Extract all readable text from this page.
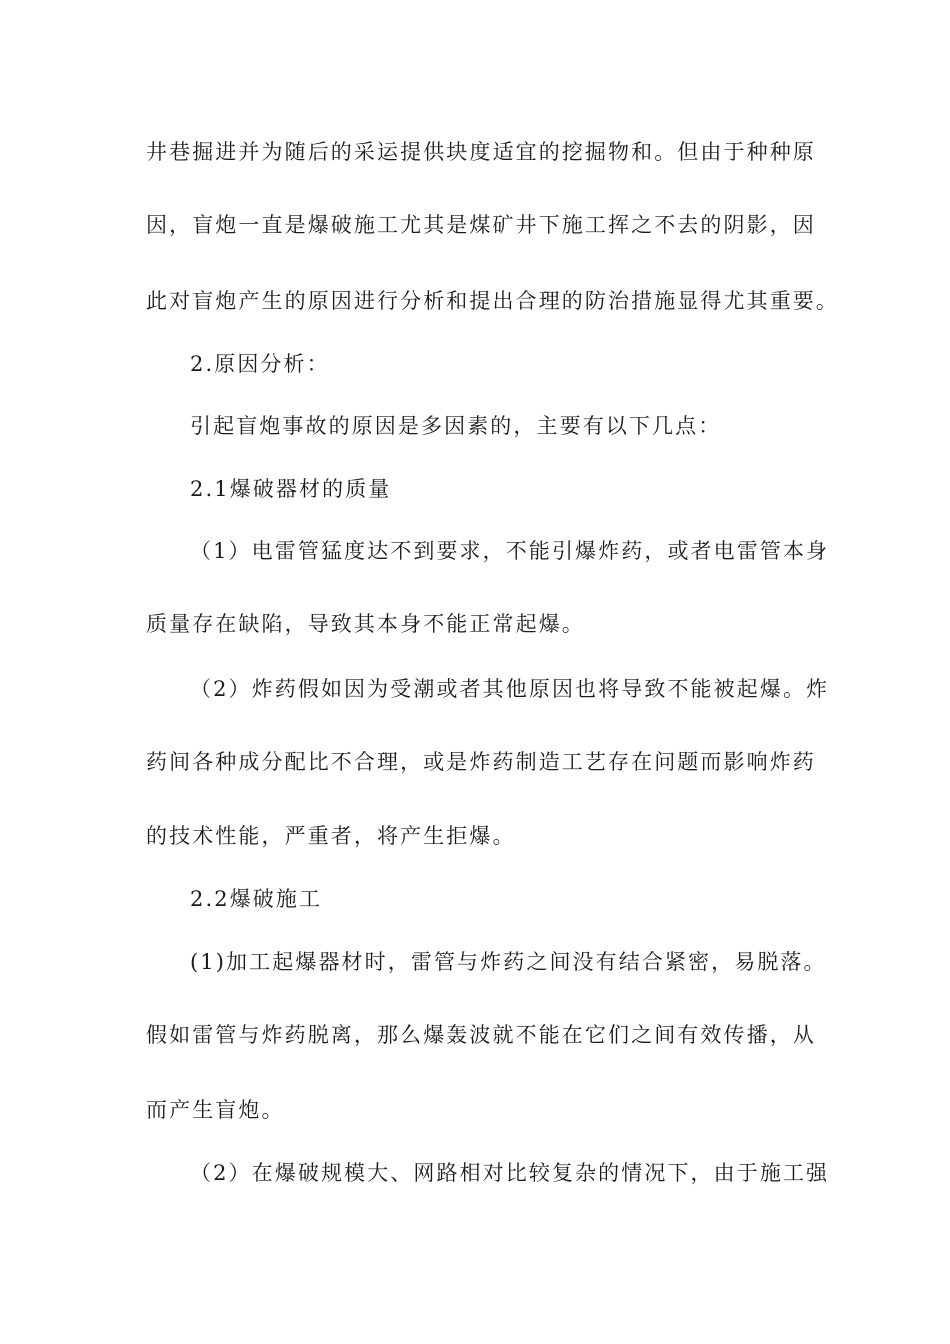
井巷掘进并为随后的采运提供块度适宜的挖掘物和。但由于种种原
因，盲炮一直是爆破施工尤其是煤矿井下施工挥之不去的阴影，因
此对盲炮产生的原因进行分析和提出合理的防治措施显得尤其重要。
2.原因分析：
引起盲炮事故的原因是多因素的，主要有以下几点：
2.1爆破器材的质量
（1）电雷管猛度达不到要求，不能引爆炸药，或者电雷管本身
质量存在缺陷，导致其本身不能正常起爆。
（2）炸药假如因为受潮或者其他原因也将导致不能被起爆。炸
药间各种成分配比不合理，或是炸药制造工艺存在问题而影响炸药
的技术性能，严重者，将产生拒爆。
2.2爆破施工
(1)加工起爆器材时，雷管与炸药之间没有结合紧密，易脱落。
假如雷管与炸药脱离，那么爆轰波就不能在它们之间有效传播，从
而产生盲炮。
（2）在爆破规模大、网路相对比较复杂的情况下，由于施工强
